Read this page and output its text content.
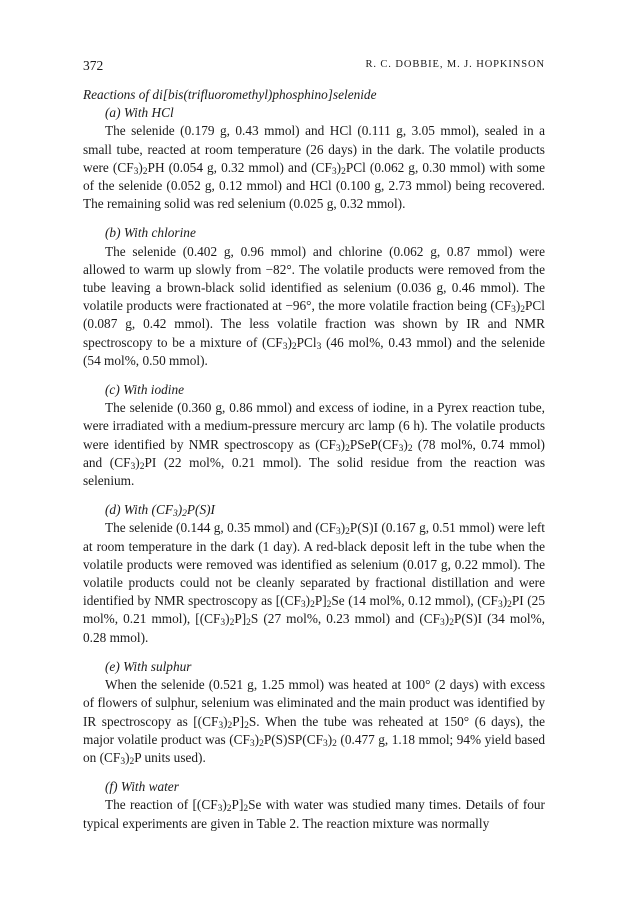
372	R. C. DOBBIE, M. J. HOPKINSON

Reactions of di[bis(trifluoromethyl)phosphino]selenide

(a) With HCl

The selenide (0.179 g, 0.43 mmol) and HCl (0.111 g, 3.05 mmol), sealed in a small tube, reacted at room temperature (26 days) in the dark. The volatile products were $(CF_3)_2PH$ (0.054 g, 0.32 mmol) and $(CF_3)_2PCl$ (0.062 g, 0.30 mmol) with some of the selenide (0.052 g, 0.12 mmol) and HCl (0.100 g, 2.73 mmol) being recovered. The remaining solid was red selenium (0.025 g, 0.32 mmol).

(b) With chlorine

The selenide (0.402 g, 0.96 mmol) and chlorine (0.062 g, 0.87 mmol) were allowed to warm up slowly from −82°. The volatile products were removed from the tube leaving a brown-black solid identified as selenium (0.036 g, 0.46 mmol). The volatile products were fractionated at −96°, the more volatile fraction being $(CF_3)_2PCl$ (0.087 g, 0.42 mmol). The less volatile fraction was shown by IR and NMR spectroscopy to be a mixture of $(CF_3)_2PCl_3$ (46 mol%, 0.43 mmol) and the selenide (54 mol%, 0.50 mmol).

(c) With iodine

The selenide (0.360 g, 0.86 mmol) and excess of iodine, in a Pyrex reaction tube, were irradiated with a medium-pressure mercury arc lamp (6 h). The volatile products were identified by NMR spectroscopy as $(CF_3)_2PSeP(CF_3)_2$ (78 mol%, 0.74 mmol) and $(CF_3)_2PI$ (22 mol%, 0.21 mmol). The solid residue from the reaction was selenium.

(d) With $(CF_3)_2P(S)I$

The selenide (0.144 g, 0.35 mmol) and $(CF_3)_2P(S)I$ (0.167 g, 0.51 mmol) were left at room temperature in the dark (1 day). A red-black deposit left in the tube when the volatile products were removed was identified as selenium (0.017 g, 0.22 mmol). The volatile products could not be cleanly separated by fractional distillation and were identified by NMR spectroscopy as $[(CF_3)_2P]_2Se$ (14 mol%, 0.12 mmol), $(CF_3)_2PI$ (25 mol%, 0.21 mmol), $[(CF_3)_2P]_2S$ (27 mol%, 0.23 mmol) and $(CF_3)_2P(S)I$ (34 mol%, 0.28 mmol).

(e) With sulphur

When the selenide (0.521 g, 1.25 mmol) was heated at 100° (2 days) with excess of flowers of sulphur, selenium was eliminated and the main product was identified by IR spectroscopy as $[(CF_3)_2P]_2S$. When the tube was reheated at 150° (6 days), the major volatile product was $(CF_3)_2P(S)SP(CF_3)_2$ (0.477 g, 1.18 mmol; 94% yield based on $(CF_3)_2P$ units used).

(f) With water

The reaction of $[(CF_3)_2P]_2Se$ with water was studied many times. Details of four typical experiments are given in Table 2. The reaction mixture was normally
